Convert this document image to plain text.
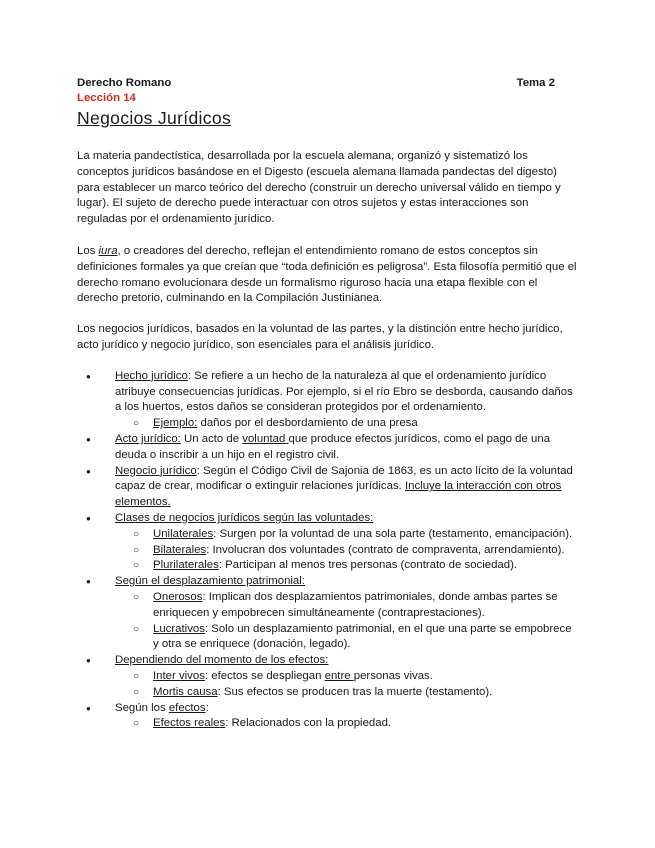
Derecho Romano	Tema 2
Lección 14
Negocios Jurídicos

La materia pandectística, desarrollada por la escuela alemana, organizó y sistematizó los conceptos jurídicos basándose en el Digesto (escuela alemana llamada pandectas del digesto) para establecer un marco teórico del derecho (construir un derecho universal válido en tiempo y lugar). El sujeto de derecho puede interactuar con otros sujetos y estas interacciones son reguladas por el ordenamiento jurídico.

Los iura, o creadores del derecho, reflejan el entendimiento romano de estos conceptos sin definiciones formales ya que creían que “toda definición es peligrosa”. Esta filosofía permitió que el derecho romano evolucionara desde un formalismo riguroso hacia una etapa flexible con el derecho pretorio, culminando en la Compilación Justinianea.

Los negocios jurídicos, basados en la voluntad de las partes, y la distinción entre hecho jurídico, acto jurídico y negocio jurídico, son esenciales para el análisis jurídico.

● Hecho jurídico: Se refiere a un hecho de la naturaleza al que el ordenamiento jurídico atribuye consecuencias jurídicas. Por ejemplo, si el río Ebro se desborda, causando daños a los huertos, estos daños se consideran protegidos por el ordenamiento.
○ Ejemplo: daños por el desbordamiento de una presa
● Acto jurídico: Un acto de voluntad que produce efectos jurídicos, como el pago de una deuda o inscribir a un hijo en el registro civil.
● Negocio jurídico: Según el Código Civil de Sajonia de 1863, es un acto lícito de la voluntad capaz de crear, modificar o extinguir relaciones jurídicas. Incluye la interacción con otros elementos.
● Clases de negocios jurídicos según las voluntades:
○ Unilaterales: Surgen por la voluntad de una sola parte (testamento, emancipación).
○ Bilaterales: Involucran dos voluntades (contrato de compraventa, arrendamiento).
○ Plurilaterales: Participan al menos tres personas (contrato de sociedad).
● Según el desplazamiento patrimonial:
○ Onerosos: Implican dos desplazamientos patrimoniales, donde ambas partes se enriquecen y empobrecen simultáneamente (contraprestaciones).
○ Lucrativos: Solo un desplazamiento patrimonial, en el que una parte se empobrece y otra se enriquece (donación, legado).
● Dependiendo del momento de los efectos:
○ Inter vivos: efectos se despliegan entre personas vivas.
○ Mortis causa: Sus efectos se producen tras la muerte (testamento).
● Según los efectos:
○ Efectos reales: Relacionados con la propiedad.
